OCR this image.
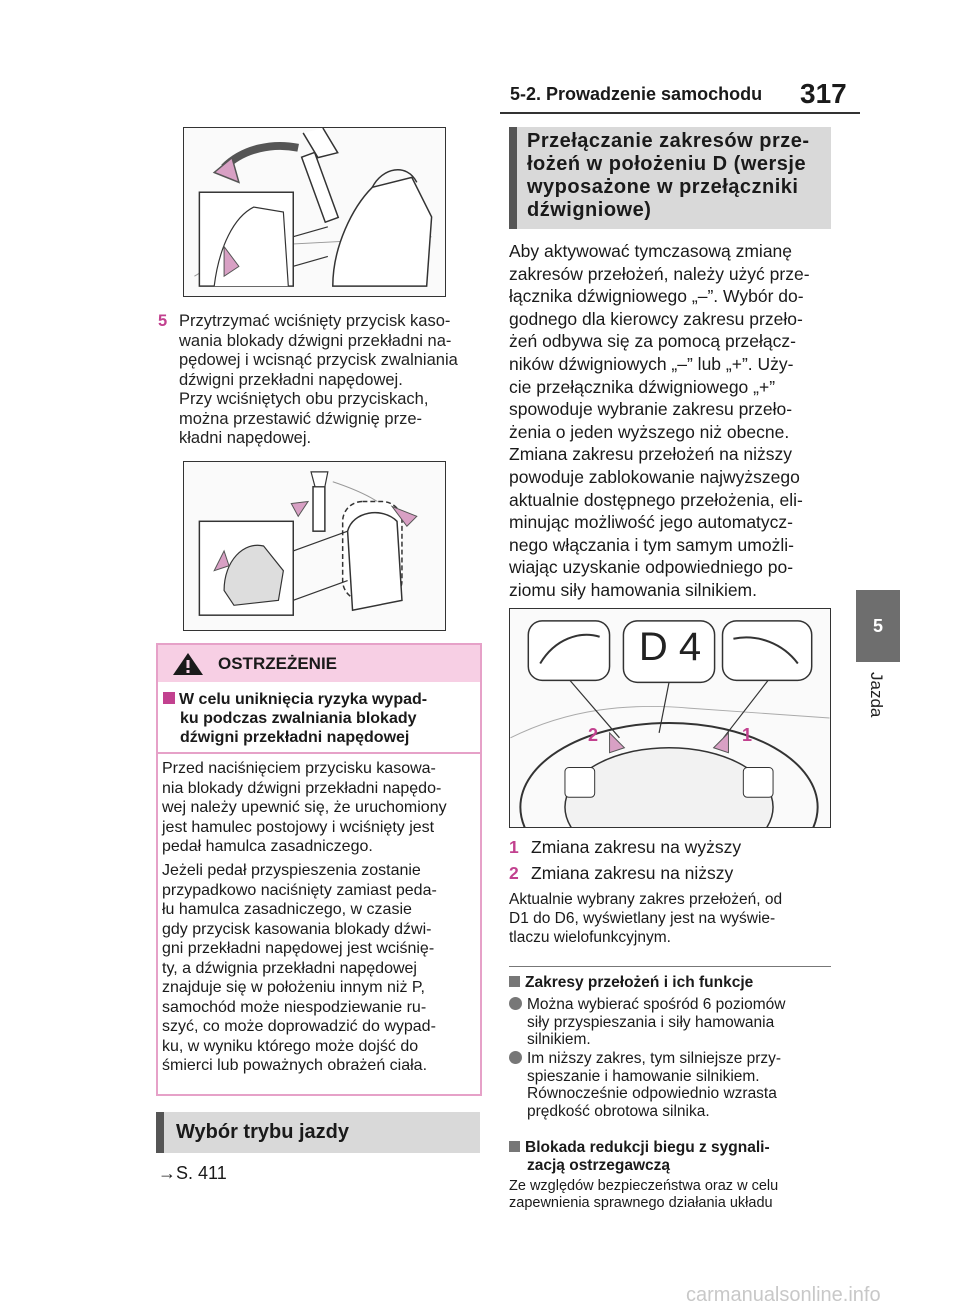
5-2. Prowadzenie samochodu 317
5
Jazda
5 Przytrzymać wciśnięty przycisk kaso-
wania blokady dźwigni przekładni na-
pędowej i wcisnąć przycisk zwalniania
dźwigni przekładni napędowej.
Przy wciśniętych obu przyciskach,
można przestawić dźwignię prze-
kładni napędowej.
OSTRZEŻENIE
W celu uniknięcia ryzyka wypad-
ku podczas zwalniania blokady
dźwigni przekładni napędowej
Przed naciśnięciem przycisku kasowa-
nia blokady dźwigni przekładni napędo-
wej należy upewnić się, że uruchomiony
jest hamulec postojowy i wciśnięty jest
pedał hamulca zasadniczego.
Jeżeli pedał przyspieszenia zostanie
przypadkowo naciśnięty zamiast peda-
łu hamulca zasadniczego, w czasie
gdy przycisk kasowania blokady dźwi-
gni przekładni napędowej jest wciśnię-
ty, a dźwignia przekładni napędowej
znajduje się w położeniu innym niż P,
samochód może niespodziewanie ru-
szyć, co może doprowadzić do wypad-
ku, w wyniku którego może dojść do
śmierci lub poważnych obrażeń ciała.
Wybór trybu jazdy
→S. 411
Przełączanie zakresów prze-
łożeń w położeniu D (wersje
wyposażone w przełączniki
dźwigniowe)
Aby aktywować tymczasową zmianę
zakresów przełożeń, należy użyć prze-
łącznika dźwigniowego „–”. Wybór do-
godnego dla kierowcy zakresu przeło-
żeń odbywa się za pomocą przełącz-
ników dźwigniowych „–” lub „+”. Uży-
cie przełącznika dźwigniowego „+”
spowoduje wybranie zakresu przeło-
żenia o jeden wyższego niż obecne.
Zmiana zakresu przełożeń na niższy
powoduje zablokowanie najwyższego
aktualnie dostępnego przełożenia, eli-
minując możliwość jego automatycz-
nego włączania i tym samym umożli-
wiając uzyskanie odpowiedniego po-
ziomu siły hamowania silnikiem.
D 4
2	1
1 Zmiana zakresu na wyższy
2 Zmiana zakresu na niższy
Aktualnie wybrany zakres przełożeń, od
D1 do D6, wyświetlany jest na wyświe-
tlaczu wielofunkcyjnym.
Zakresy przełożeń i ich funkcje
Można wybierać spośród 6 poziomów
siły przyspieszania i siły hamowania
silnikiem.
Im niższy zakres, tym silniejsze przy-
spieszanie i hamowanie silnikiem.
Równocześnie odpowiednio wzrasta
prędkość obrotowa silnika.
Blokada redukcji biegu z sygnali-
zacją ostrzegawczą
Ze względów bezpieczeństwa oraz w celu
zapewnienia sprawnego działania układu
carmanualsonline.info
